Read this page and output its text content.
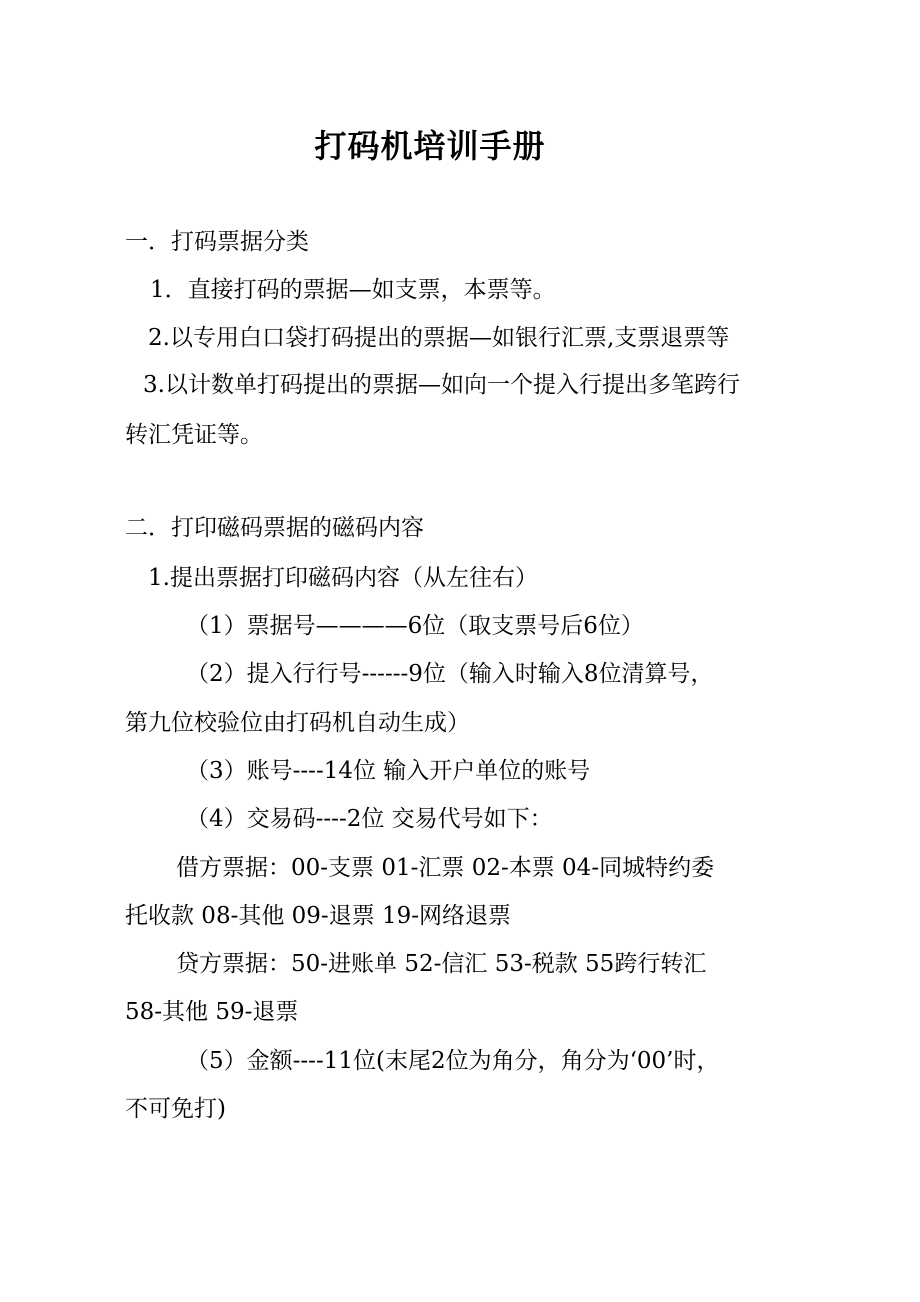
打码机培训手册
一．打码票据分类
1．直接打码的票据—如支票，本票等。
2.以专用白口袋打码提出的票据—如银行汇票,支票退票等
3.以计数单打码提出的票据—如向一个提入行提出多笔跨行
转汇凭证等。
二．打印磁码票据的磁码内容
1.提出票据打印磁码内容（从左往右）
（1）票据号————6位（取支票号后6位）
（2）提入行行号------9位（输入时输入8位清算号，
第九位校验位由打码机自动生成）
（3）账号----14位 输入开户单位的账号
（4）交易码----2位 交易代号如下：
借方票据：00-支票 01-汇票 02-本票 04-同城特约委
托收款 08-其他 09-退票 19-网络退票
贷方票据：50-进账单 52-信汇 53-税款 55跨行转汇
58-其他 59-退票
（5）金额----11位(末尾2位为角分，角分为‘00’时，
不可免打)
